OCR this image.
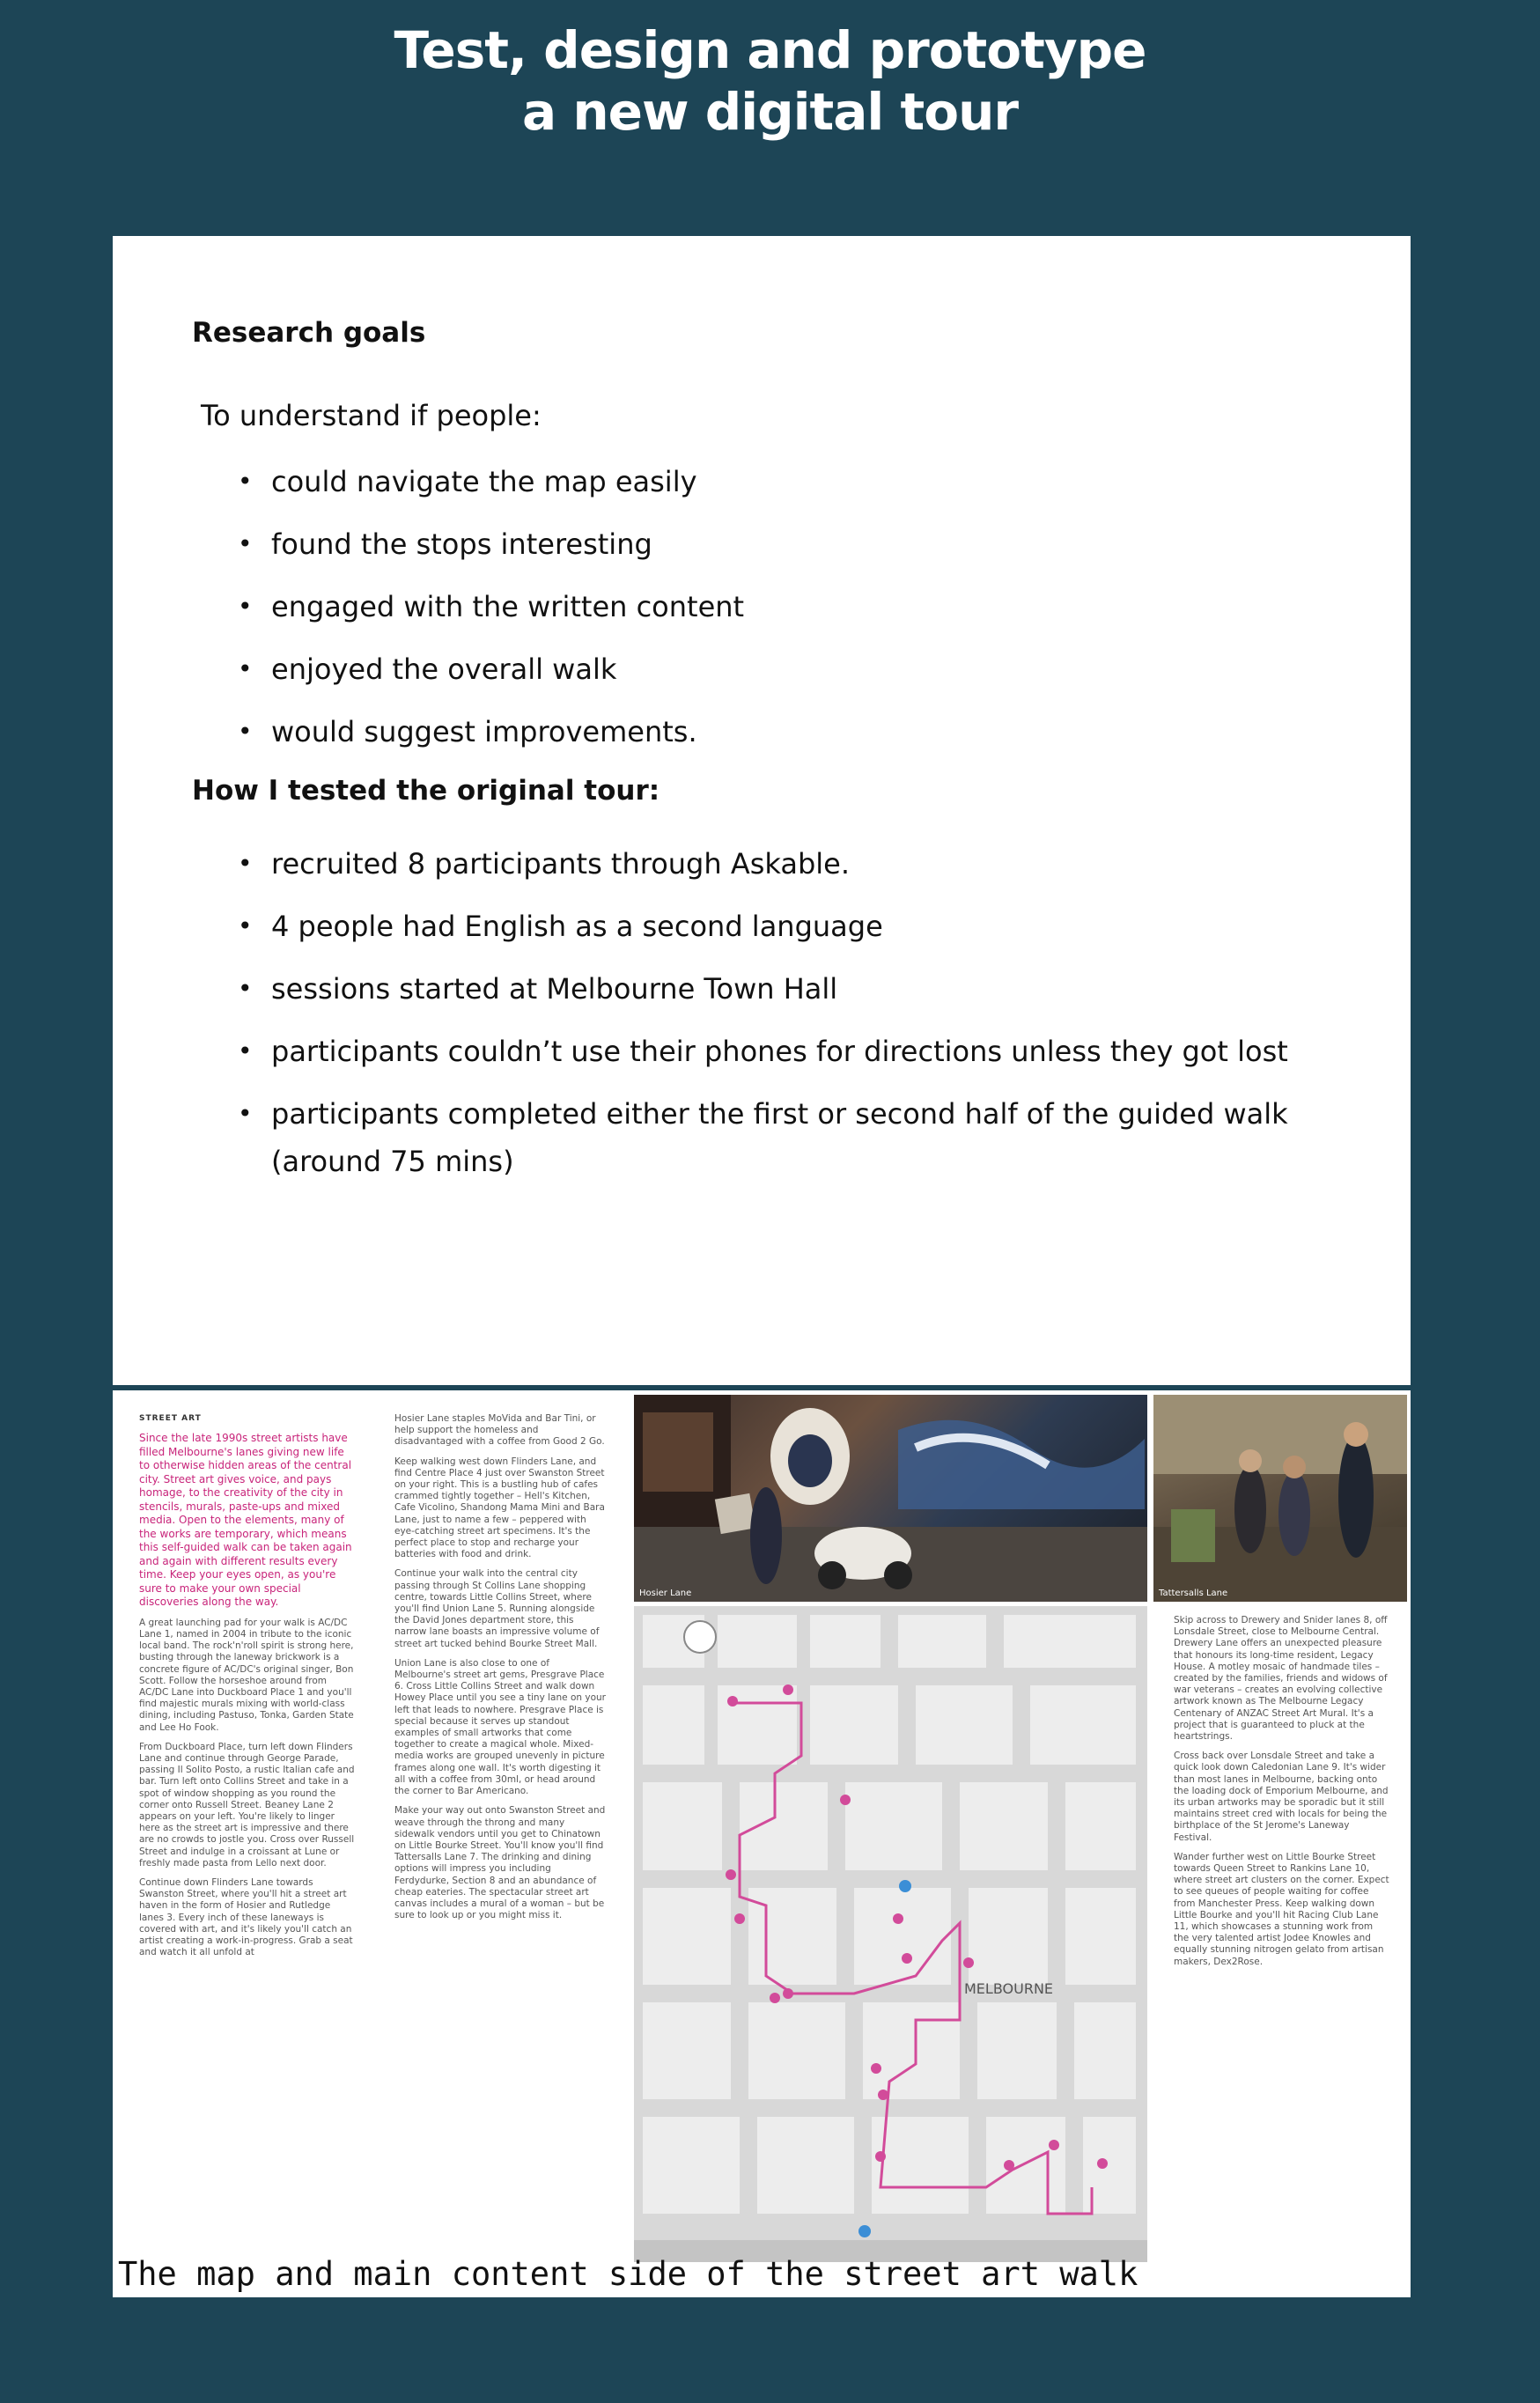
Test, design and prototype
a new digital tour
Research goals
To understand if people:
• could navigate the map easily
• found the stops interesting
• engaged with the written content
• enjoyed the overall walk
• would suggest improvements.
How I tested the original tour:
• recruited 8 participants through Askable.
• 4 people had English as a second language
• sessions started at Melbourne Town Hall
• participants couldn’t use their phones for directions unless they got lost
• participants completed either the first or second half of the guided walk (around 75 mins)
STREET ART

Since the late 1990s street artists have filled Melbourne's lanes giving new life to otherwise hidden areas of the central city. Street art gives voice, and pays homage, to the creativity of the city in stencils, murals, paste-ups and mixed media. Open to the elements, many of the works are temporary, which means this self-guided walk can be taken again and again with different results every time. Keep your eyes open, as you're sure to make your own special discoveries along the way.

A great launching pad for your walk is AC/DC Lane 1, named in 2004 in tribute to the iconic local band. The rock'n'roll spirit is strong here, busting through the laneway brickwork is a concrete figure of AC/DC's original singer, Bon Scott. Follow the horseshoe around from AC/DC Lane into Duckboard Place 1 and you'll find majestic murals mixing with world-class dining, including Pastuso, Tonka, Garden State and Lee Ho Fook.

From Duckboard Place, turn left down Flinders Lane and continue through George Parade, passing Il Solito Posto, a rustic Italian cafe and bar. Turn left onto Collins Street and take in a spot of window shopping as you round the corner onto Russell Street. Beaney Lane 2 appears on your left. You're likely to linger here as the street art is impressive and there are no crowds to jostle you. Cross over Russell Street and indulge in a croissant at Lune or freshly made pasta from Lello next door.

Continue down Flinders Lane towards Swanston Street, where you'll hit a street art haven in the form of Hosier and Rutledge lanes 3. Every inch of these laneways is covered with art, and it's likely you'll catch an artist creating a work-in-progress. Grab a seat and watch it all unfold at

Hosier Lane staples MoVida and Bar Tini, or help support the homeless and disadvantaged with a coffee from Good 2 Go.

Keep walking west down Flinders Lane, and find Centre Place 4 just over Swanston Street on your right. This is a bustling hub of cafes crammed tightly together – Hell's Kitchen, Cafe Vicolino, Shandong Mama Mini and Bara Lane, just to name a few – peppered with eye-catching street art specimens. It's the perfect place to stop and recharge your batteries with food and drink.

Continue your walk into the central city passing through St Collins Lane shopping centre, towards Little Collins Street, where you'll find Union Lane 5. Running alongside the David Jones department store, this narrow lane boasts an impressive volume of street art tucked behind Bourke Street Mall.

Union Lane is also close to one of Melbourne's street art gems, Presgrave Place 6. Cross Little Collins Street and walk down Howey Place until you see a tiny lane on your left that leads to nowhere. Presgrave Place is special because it serves up standout examples of small artworks that come together to create a magical whole. Mixed-media works are grouped unevenly in picture frames along one wall. It's worth digesting it all with a coffee from 30ml, or head around the corner to Bar Americano.

Make your way out onto Swanston Street and weave through the throng and many sidewalk vendors until you get to Chinatown on Little Bourke Street. You'll know you'll find Tattersalls Lane 7. The drinking and dining options will impress you including Ferdydurke, Section 8 and an abundance of cheap eateries. The spectacular street art canvas includes a mural of a woman – but be sure to look up or you might miss it.

Hosier Lane	Tattersalls Lane
MELBOURNE

Skip across to Drewery and Snider lanes 8, off Lonsdale Street, close to Melbourne Central. Drewery Lane offers an unexpected pleasure that honours its long-time resident, Legacy House. A motley mosaic of handmade tiles – created by the families, friends and widows of war veterans – creates an evolving collective artwork known as The Melbourne Legacy Centenary of ANZAC Street Art Mural. It's a project that is guaranteed to pluck at the heartstrings.

Cross back over Lonsdale Street and take a quick look down Caledonian Lane 9. It's wider than most lanes in Melbourne, backing onto the loading dock of Emporium Melbourne, and its urban artworks may be sporadic but it still maintains street cred with locals for being the birthplace of the St Jerome's Laneway Festival.

Wander further west on Little Bourke Street towards Queen Street to Rankins Lane 10, where street art clusters on the corner. Expect to see queues of people waiting for coffee from Manchester Press. Keep walking down Little Bourke and you'll hit Racing Club Lane 11, which showcases a stunning work from the very talented artist Jodee Knowles and equally stunning nitrogen gelato from artisan makers, Dex2Rose.

The map and main content side of the street art walk
